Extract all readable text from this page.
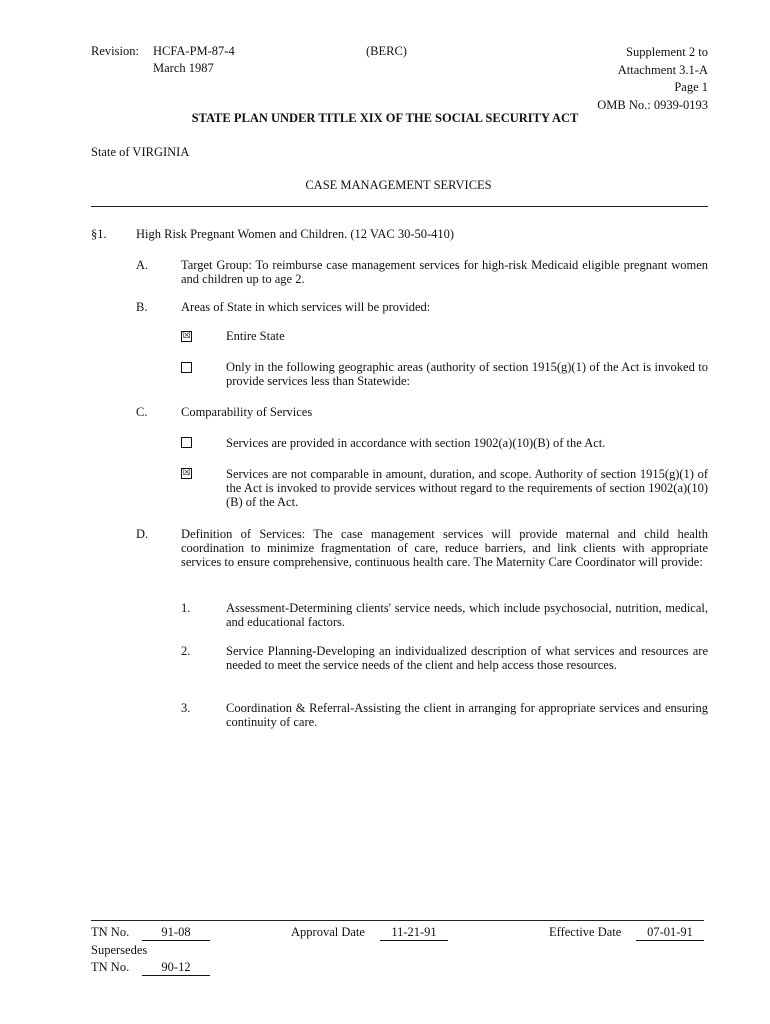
Revision: HCFA-PM-87-4
March 1987
(BERC)	Supplement 2 to
Attachment 3.1-A
Page 1
OMB No.: 0939-0193
STATE PLAN UNDER TITLE XIX OF THE SOCIAL SECURITY ACT
State of VIRGINIA
CASE MANAGEMENT SERVICES
§1. High Risk Pregnant Women and Children. (12 VAC 30-50-410)
A.	Target Group: To reimburse case management services for high-risk Medicaid eligible pregnant women and children up to age 2.
B.	Areas of State in which services will be provided:
☒	Entire State
Only in the following geographic areas (authority of section 1915(g)(1) of the Act is invoked to provide services less than Statewide:
C.	Comparability of Services
Services are provided in accordance with section 1902(a)(10)(B) of the Act.
☒	Services are not comparable in amount, duration, and scope. Authority of section 1915(g)(1) of the Act is invoked to provide services without regard to the requirements of section 1902(a)(10)(B) of the Act.
D.	Definition of Services: The case management services will provide maternal and child health coordination to minimize fragmentation of care, reduce barriers, and link clients with appropriate services to ensure comprehensive, continuous health care. The Maternity Care Coordinator will provide:
1.	Assessment-Determining clients' service needs, which include psychosocial, nutrition, medical, and educational factors.
2.	Service Planning-Developing an individualized description of what services and resources are needed to meet the service needs of the client and help access those resources.
3.	Coordination & Referral-Assisting the client in arranging for appropriate services and ensuring continuity of care.
TN No.	91-08	Approval Date	11-21-91	Effective Date	07-01-91
Supersedes
TN No.	90-12
